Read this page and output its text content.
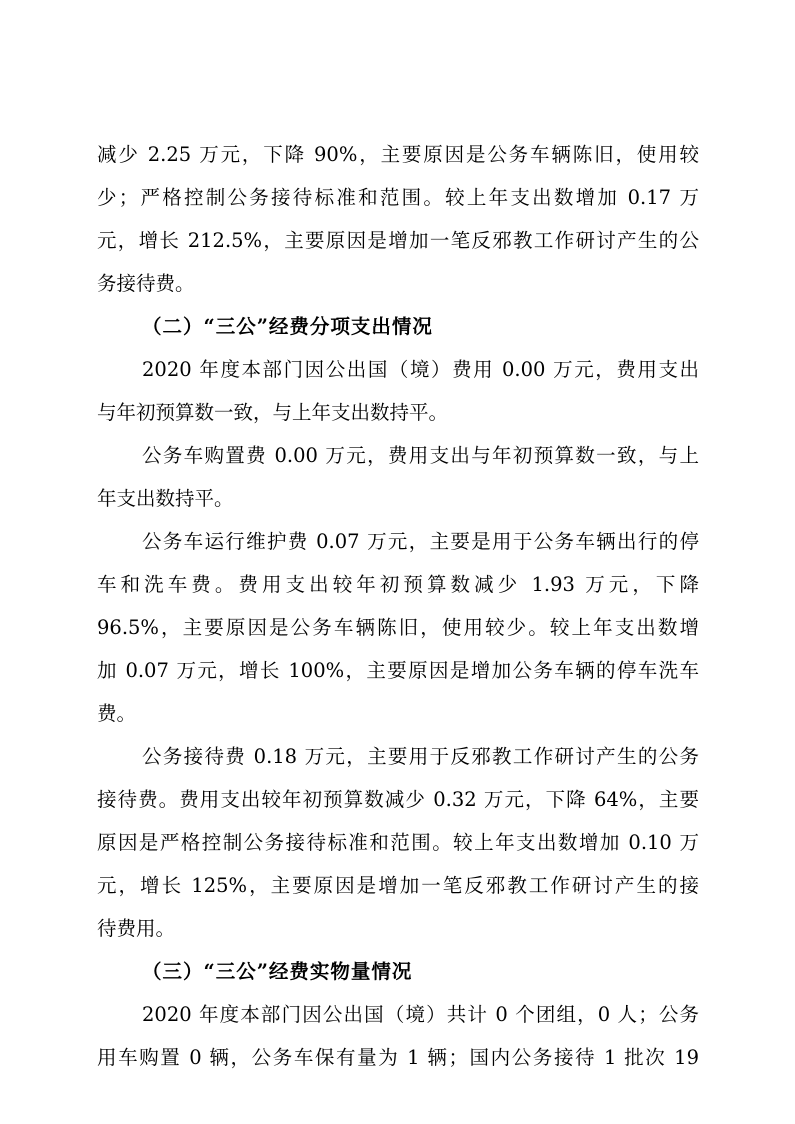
减少 2.25 万元，下降 90%，主要原因是公务车辆陈旧，使用较
少；严格控制公务接待标准和范围。较上年支出数增加 0.17 万
元，增长 212.5%，主要原因是增加一笔反邪教工作研讨产生的公
务接待费。
（二）“三公”经费分项支出情况
2020 年度本部门因公出国（境）费用 0.00 万元，费用支出
与年初预算数一致，与上年支出数持平。
公务车购置费 0.00 万元，费用支出与年初预算数一致，与上
年支出数持平。
公务车运行维护费 0.07 万元，主要是用于公务车辆出行的停
车和洗车费。费用支出较年初预算数减少 1.93 万元，下降
96.5%，主要原因是公务车辆陈旧，使用较少。较上年支出数增
加 0.07 万元，增长 100%，主要原因是增加公务车辆的停车洗车
费。
公务接待费 0.18 万元，主要用于反邪教工作研讨产生的公务
接待费。费用支出较年初预算数减少 0.32 万元，下降 64%，主要
原因是严格控制公务接待标准和范围。较上年支出数增加 0.10 万
元，增长 125%，主要原因是增加一笔反邪教工作研讨产生的接
待费用。
（三）“三公”经费实物量情况
2020 年度本部门因公出国（境）共计 0 个团组，0 人；公务
用车购置 0 辆，公务车保有量为 1 辆；国内公务接待 1 批次 19
